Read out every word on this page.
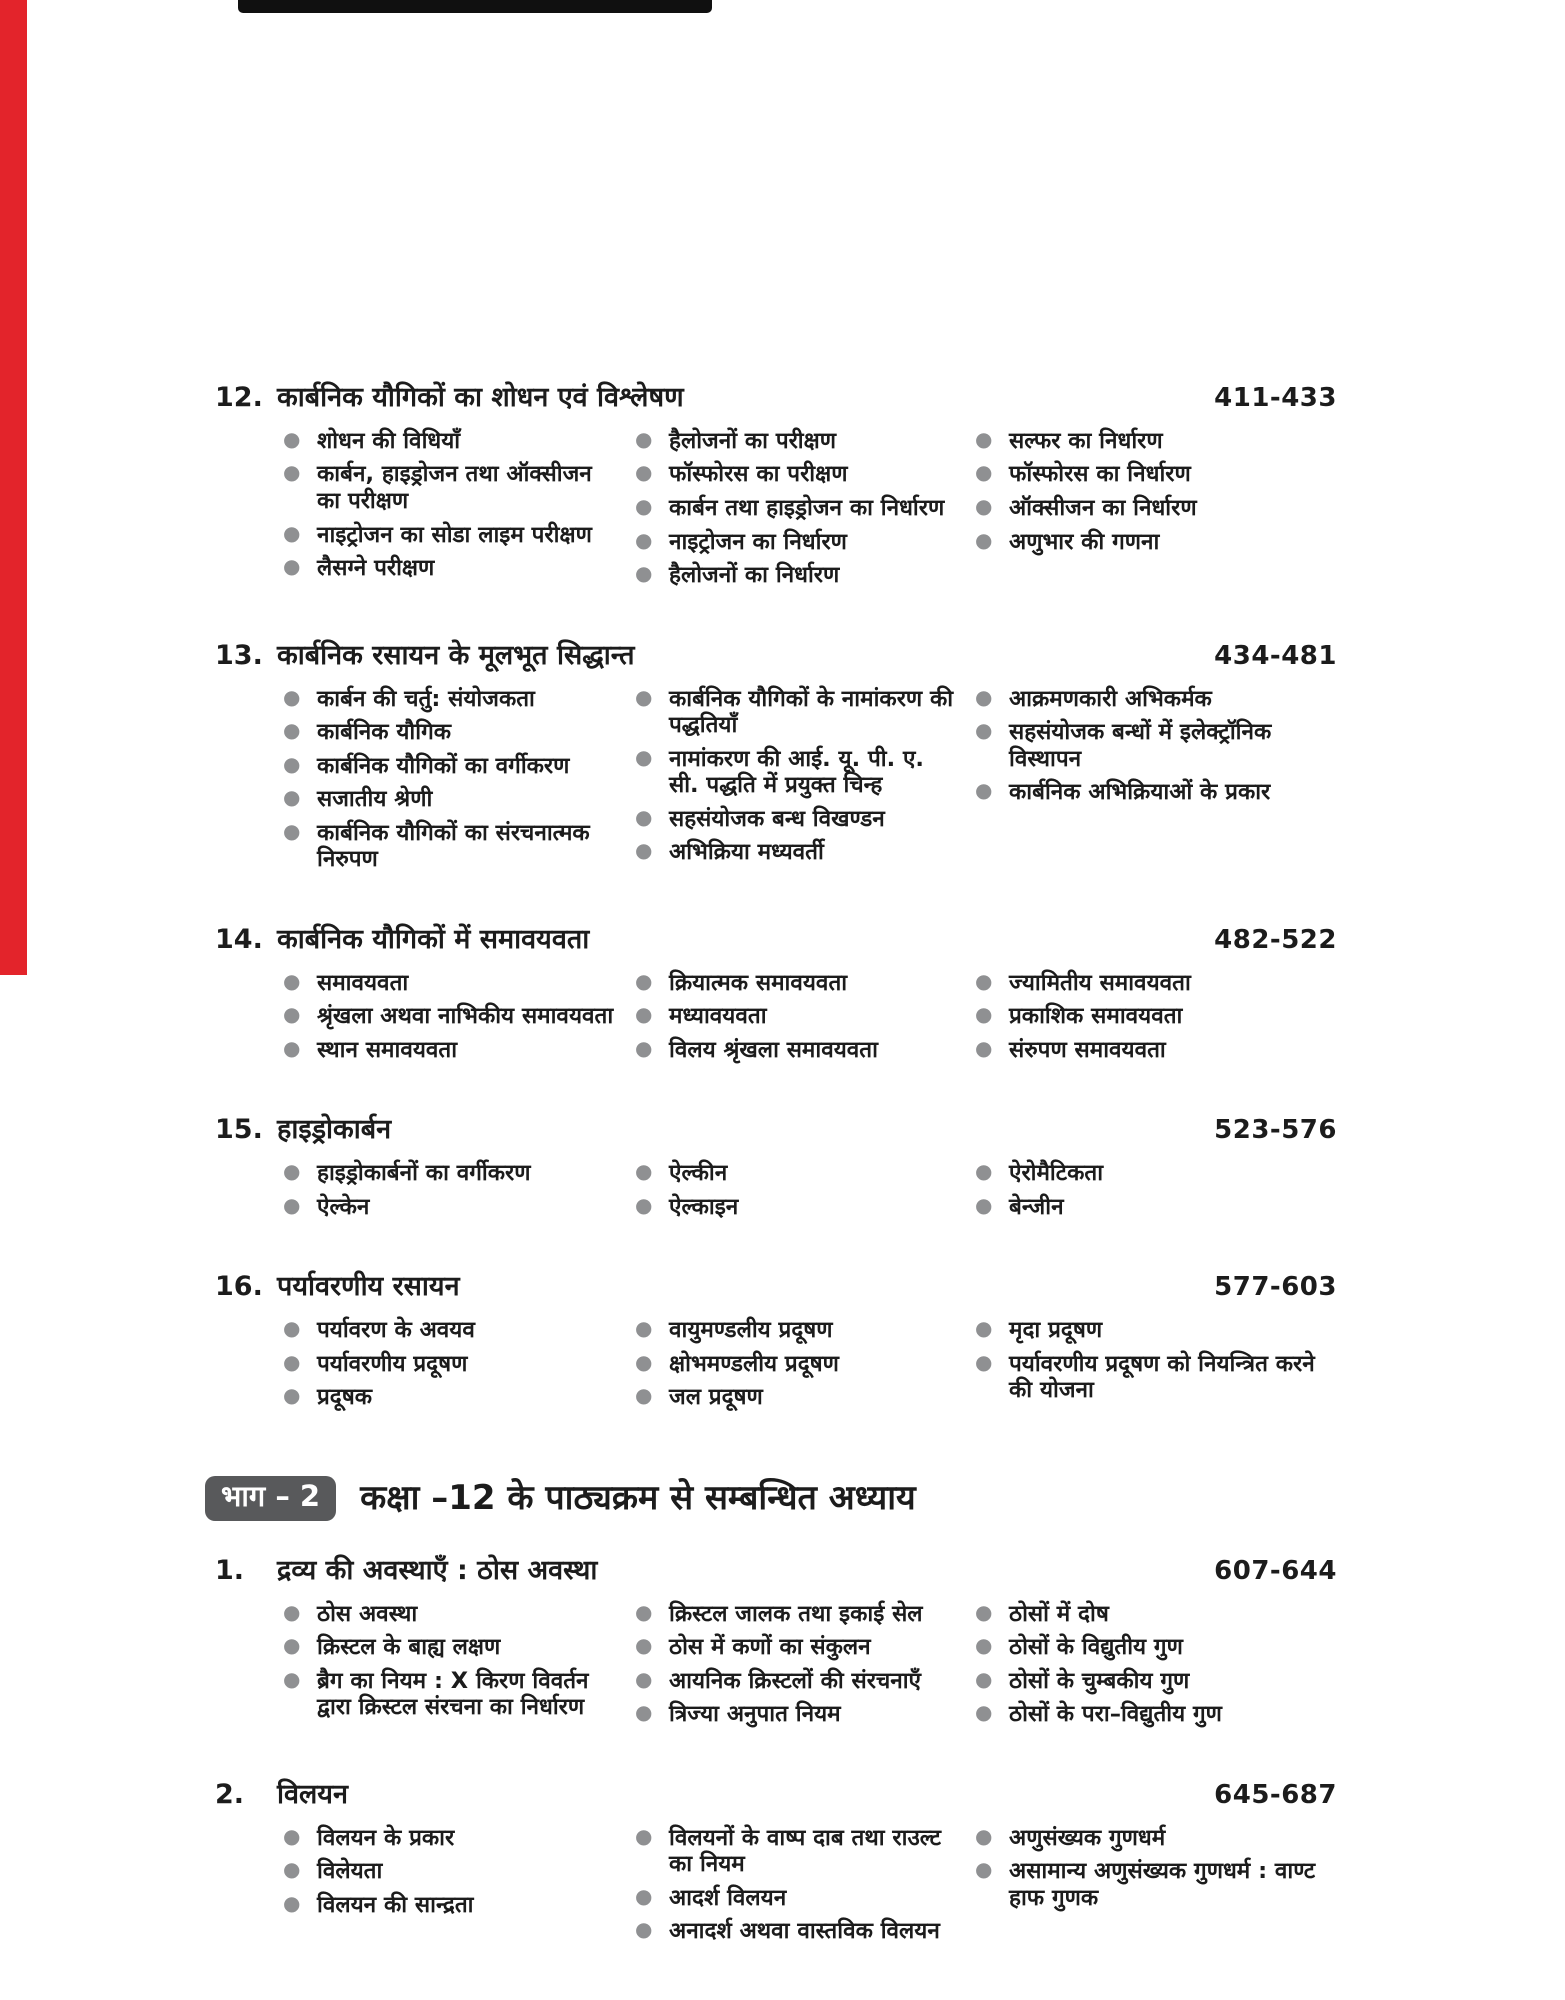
12. कार्बनिक यौगिकों का शोधन एवं विश्लेषण	411-433
● शोधन की विधियाँ
● कार्बन, हाइड्रोजन तथा ऑक्सीजन का परीक्षण
● नाइट्रोजन का सोडा लाइम परीक्षण
● लैसग्ने परीक्षण
● हैलोजनों का परीक्षण
● फॉस्फोरस का परीक्षण
● कार्बन तथा हाइड्रोजन का निर्धारण
● नाइट्रोजन का निर्धारण
● हैलोजनों का निर्धारण
● सल्फर का निर्धारण
● फॉस्फोरस का निर्धारण
● ऑक्सीजन का निर्धारण
● अणुभार की गणना
13. कार्बनिक रसायन के मूलभूत सिद्धान्त	434-481
● कार्बन की चर्तु: संयोजकता
● कार्बनिक यौगिक
● कार्बनिक यौगिकों का वर्गीकरण
● सजातीय श्रेणी
● कार्बनिक यौगिकों का संरचनात्मक निरुपण
● कार्बनिक यौगिकों के नामांकरण की पद्धतियाँ
● नामांकरण की आई. यू. पी. ए. सी. पद्धति में प्रयुक्त चिन्ह
● सहसंयोजक बन्ध विखण्डन
● अभिक्रिया मध्यवर्ती
● आक्रमणकारी अभिकर्मक
● सहसंयोजक बन्धों में इलेक्ट्रॉनिक विस्थापन
● कार्बनिक अभिक्रियाओं के प्रकार
14. कार्बनिक यौगिकों में समावयवता	482-522
● समावयवता
● श्रृंखला अथवा नाभिकीय समावयवता
● स्थान समावयवता
● क्रियात्मक समावयवता
● मध्यावयवता
● विलय श्रृंखला समावयवता
● ज्यामितीय समावयवता
● प्रकाशिक समावयवता
● संरुपण समावयवता
15. हाइड्रोकार्बन	523-576
● हाइड्रोकार्बनों का वर्गीकरण
● ऐल्केन
● ऐल्कीन
● ऐल्काइन
● ऐरोमैटिकता
● बेन्जीन
16. पर्यावरणीय रसायन	577-603
● पर्यावरण के अवयव
● पर्यावरणीय प्रदूषण
● प्रदूषक
● वायुमण्डलीय प्रदूषण
● क्षोभमण्डलीय प्रदूषण
● जल प्रदूषण
● मृदा प्रदूषण
● पर्यावरणीय प्रदूषण को नियन्त्रित करने की योजना
भाग – 2	कक्षा –12 के पाठ्यक्रम से सम्बन्धित अध्याय
1.	द्रव्य की अवस्थाएँ : ठोस अवस्था	607-644
● ठोस अवस्था
● क्रिस्टल के बाह्य लक्षण
● ब्रैग का नियम : X किरण विवर्तन द्वारा क्रिस्टल संरचना का निर्धारण
● क्रिस्टल जालक तथा इकाई सेल
● ठोस में कणों का संकुलन
● आयनिक क्रिस्टलों की संरचनाएँ
● त्रिज्या अनुपात नियम
● ठोसों में दोष
● ठोसों के विद्युतीय गुण
● ठोसों के चुम्बकीय गुण
● ठोसों के परा–विद्युतीय गुण
2.	विलयन	645-687
● विलयन के प्रकार
● विलेयता
● विलयन की सान्द्रता
● विलयनों के वाष्प दाब तथा राउल्ट का नियम
● आदर्श विलयन
● अनादर्श अथवा वास्तविक विलयन
● अणुसंख्यक गुणधर्म
● असामान्य अणुसंख्यक गुणधर्म : वाण्ट हाफ गुणक
